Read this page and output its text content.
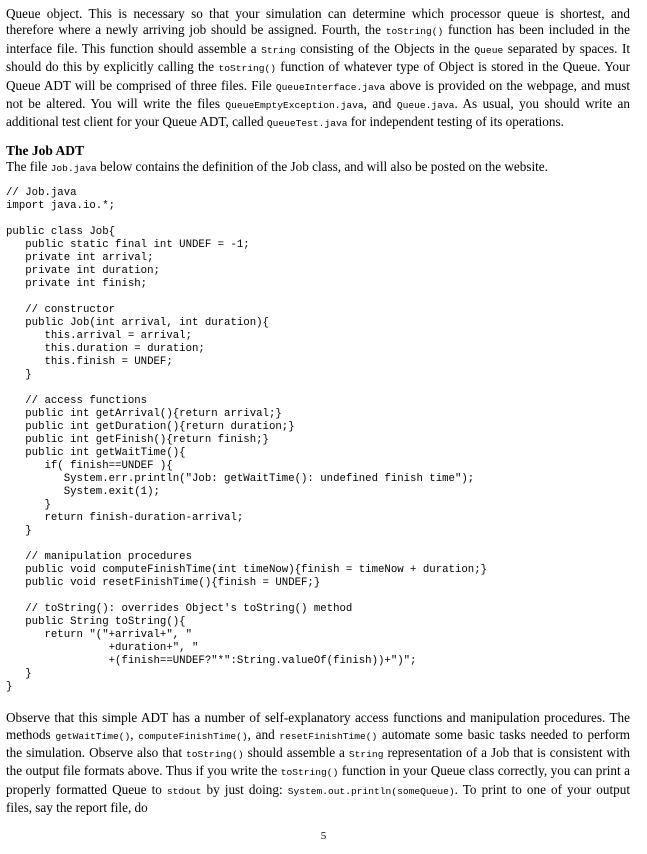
Queue object. This is necessary so that your simulation can determine which processor queue is shortest, and therefore where a newly arriving job should be assigned. Fourth, the toString() function has been included in the interface file. This function should assemble a String consisting of the Objects in the Queue separated by spaces. It should do this by explicitly calling the toString() function of whatever type of Object is stored in the Queue. Your Queue ADT will be comprised of three files. File QueueInterface.java above is provided on the webpage, and must not be altered. You will write the files QueueEmptyException.java, and Queue.java. As usual, you should write an additional test client for your Queue ADT, called QueueTest.java for independent testing of its operations.

The Job ADT

The file Job.java below contains the definition of the Job class, and will also be posted on the website.

// Job.java
import java.io.*;
public class Job{
public static final int UNDEF = -1;
private int arrival;
private int duration;
private int finish;
// constructor
public Job(int arrival, int duration){
this.arrival = arrival;
this.duration = duration;
this.finish = UNDEF;
}
// access functions
public int getArrival(){return arrival;}
public int getDuration(){return duration;}
public int getFinish(){return finish;}
public int getWaitTime(){
if( finish==UNDEF ){
System.err.println("Job: getWaitTime(): undefined finish time");
System.exit(1);
}
return finish-duration-arrival;
}
// manipulation procedures
public void computeFinishTime(int timeNow){finish = timeNow + duration;}
public void resetFinishTime(){finish = UNDEF;}
// toString(): overrides Object's toString() method
public String toString(){
return "("+arrival+", "
+duration+", "
+(finish==UNDEF?"*":String.valueOf(finish))+")";
}
}

Observe that this simple ADT has a number of self-explanatory access functions and manipulation procedures. The methods getWaitTime(), computeFinishTime(), and resetFinishTime() automate some basic tasks needed to perform the simulation. Observe also that toString() should assemble a String representation of a Job that is consistent with the output file formats above. Thus if you write the toString() function in your Queue class correctly, you can print a properly formatted Queue to stdout by just doing: System.out.println(someQueue). To print to one of your output files, say the report file, do

5
